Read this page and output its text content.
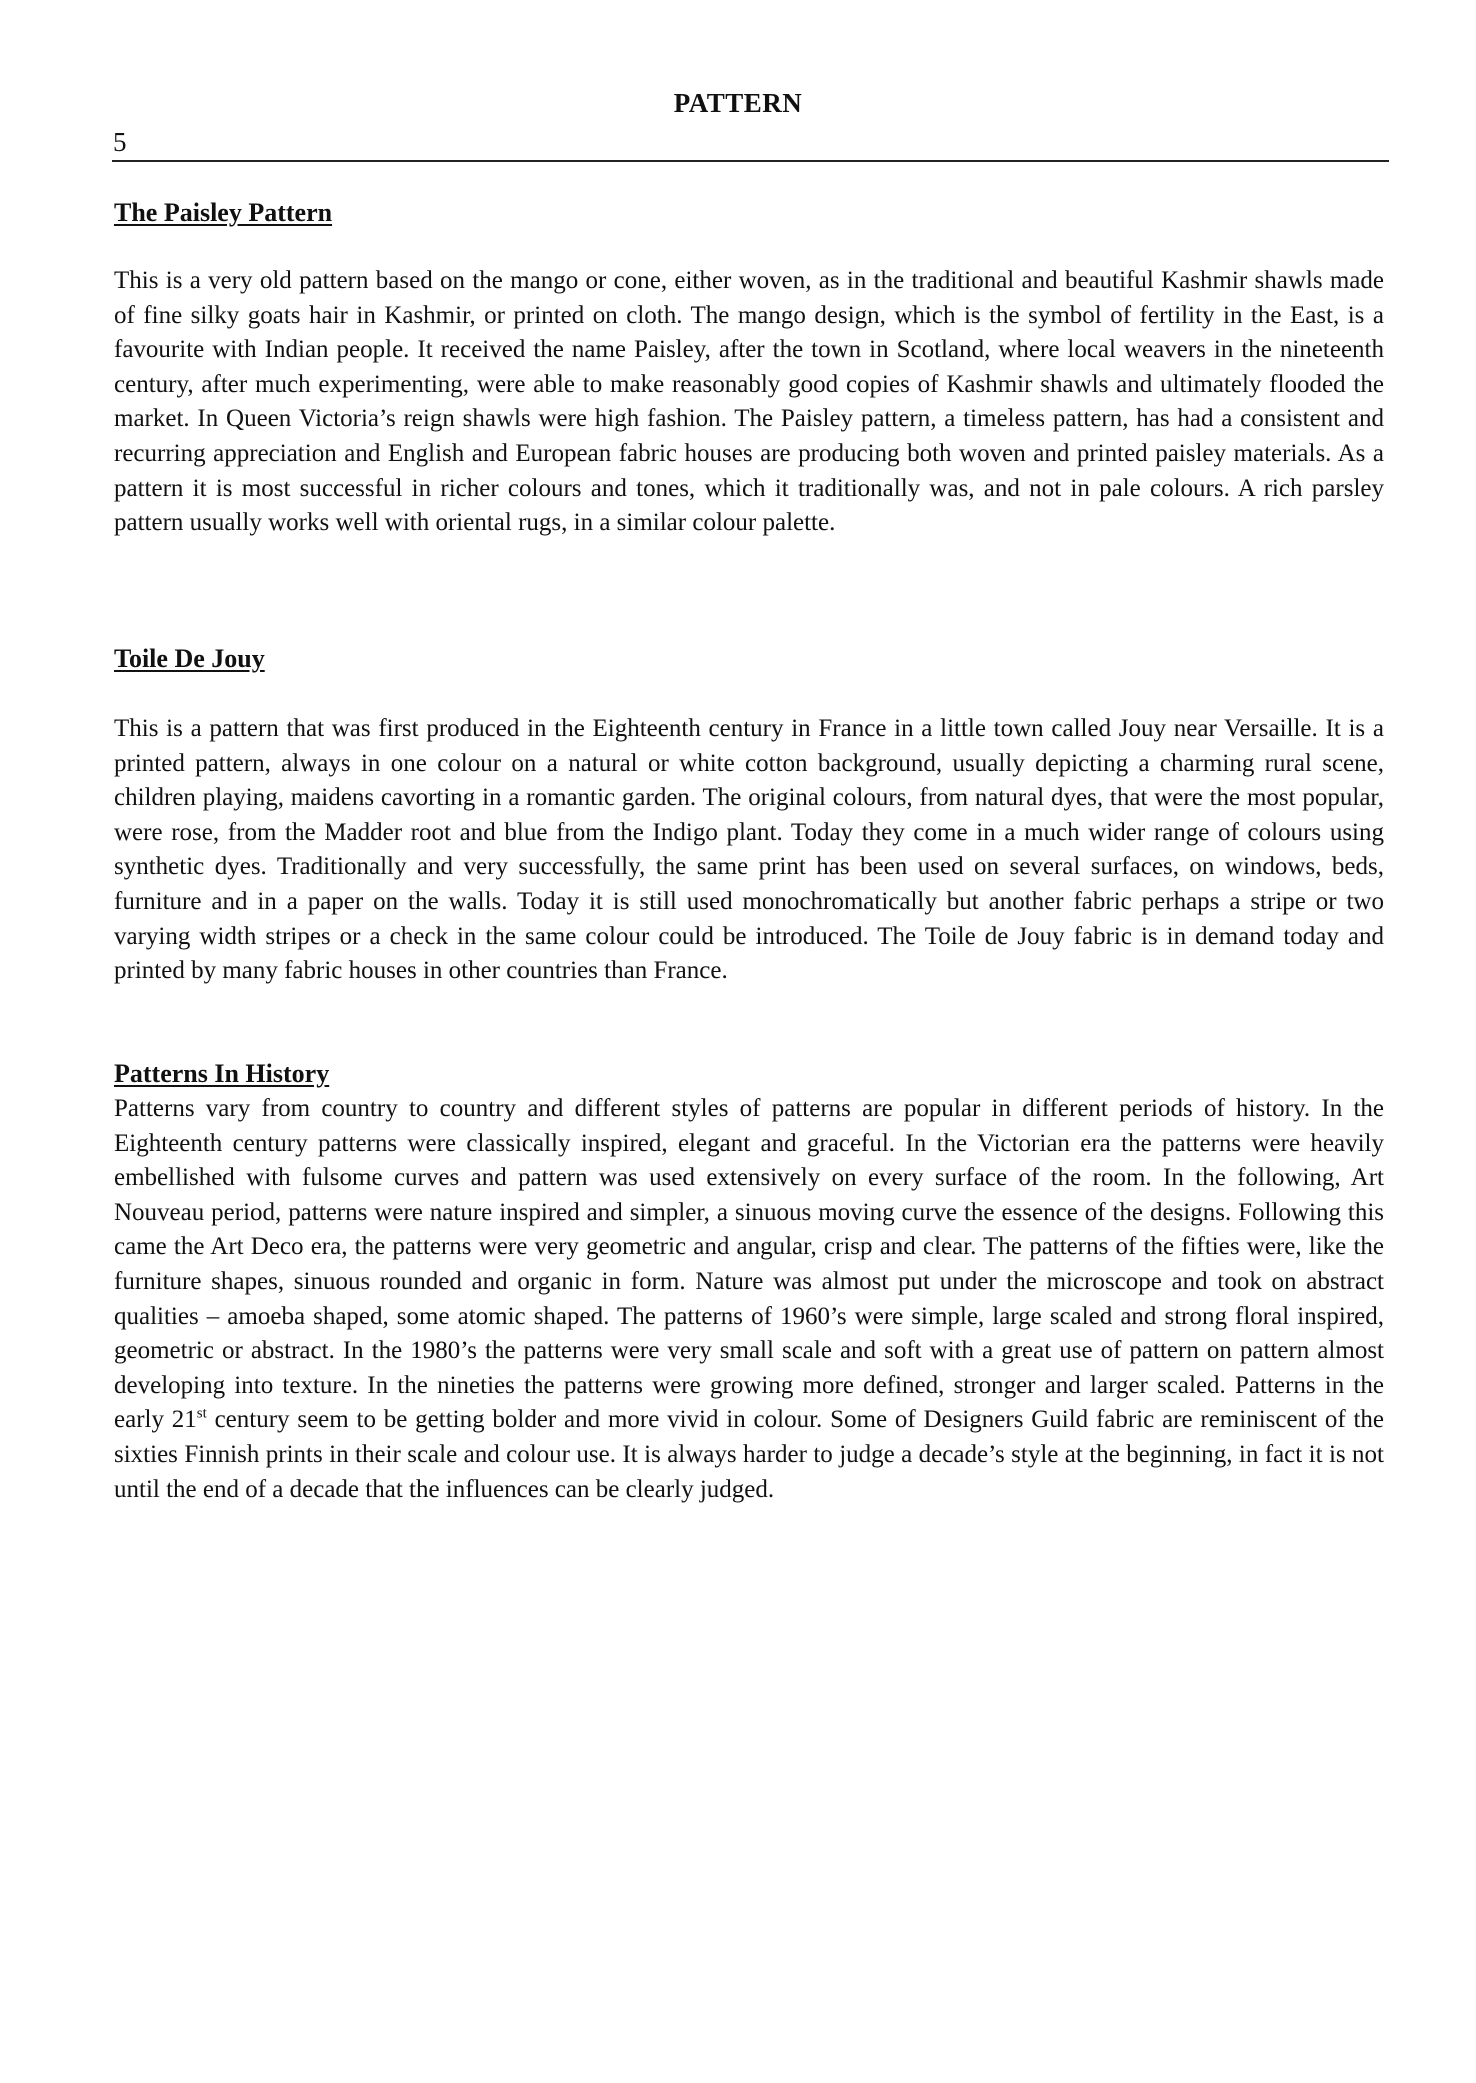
PATTERN
5
The Paisley Pattern
This is a very old pattern based on the mango or cone, either woven, as in the traditional and beautiful Kashmir shawls made of fine silky goats hair in Kashmir, or printed on cloth. The mango design, which is the symbol of fertility in the East, is a favourite with Indian people. It received the name Paisley, after the town in Scotland, where local weavers in the nineteenth century, after much experimenting, were able to make reasonably good copies of Kashmir shawls and ultimately flooded the market. In Queen Victoria’s reign shawls were high fashion. The Paisley pattern, a timeless pattern, has had a consistent and recurring appreciation and English and European fabric houses are producing both woven and printed paisley materials. As a pattern it is most successful in richer colours and tones, which it traditionally was, and not in pale colours. A rich parsley pattern usually works well with oriental rugs, in a similar colour palette.
Toile De Jouy
This is a pattern that was first produced in the Eighteenth century in France in a little town called Jouy near Versaille. It is a printed pattern, always in one colour on a natural or white cotton background, usually depicting a charming rural scene, children playing, maidens cavorting in a romantic garden. The original colours, from natural dyes, that were the most popular, were rose, from the Madder root and blue from the Indigo plant. Today they come in a much wider range of colours using synthetic dyes. Traditionally and very successfully, the same print has been used on several surfaces, on windows, beds, furniture and in a paper on the walls. Today it is still used monochromatically but another fabric perhaps a stripe or two varying width stripes or a check in the same colour could be introduced. The Toile de Jouy fabric is in demand today and printed by many fabric houses in other countries than France.
Patterns In History
Patterns vary from country to country and different styles of patterns are popular in different periods of history. In the Eighteenth century patterns were classically inspired, elegant and graceful. In the Victorian era the patterns were heavily embellished with fulsome curves and pattern was used extensively on every surface of the room. In the following, Art Nouveau period, patterns were nature inspired and simpler, a sinuous moving curve the essence of the designs. Following this came the Art Deco era, the patterns were very geometric and angular, crisp and clear. The patterns of the fifties were, like the furniture shapes, sinuous rounded and organic in form. Nature was almost put under the microscope and took on abstract qualities – amoeba shaped, some atomic shaped. The patterns of 1960’s were simple, large scaled and strong floral inspired, geometric or abstract. In the 1980’s the patterns were very small scale and soft with a great use of pattern on pattern almost developing into texture. In the nineties the patterns were growing more defined, stronger and larger scaled. Patterns in the early 21st century seem to be getting bolder and more vivid in colour. Some of Designers Guild fabric are reminiscent of the sixties Finnish prints in their scale and colour use. It is always harder to judge a decade’s style at the beginning, in fact it is not until the end of a decade that the influences can be clearly judged.
